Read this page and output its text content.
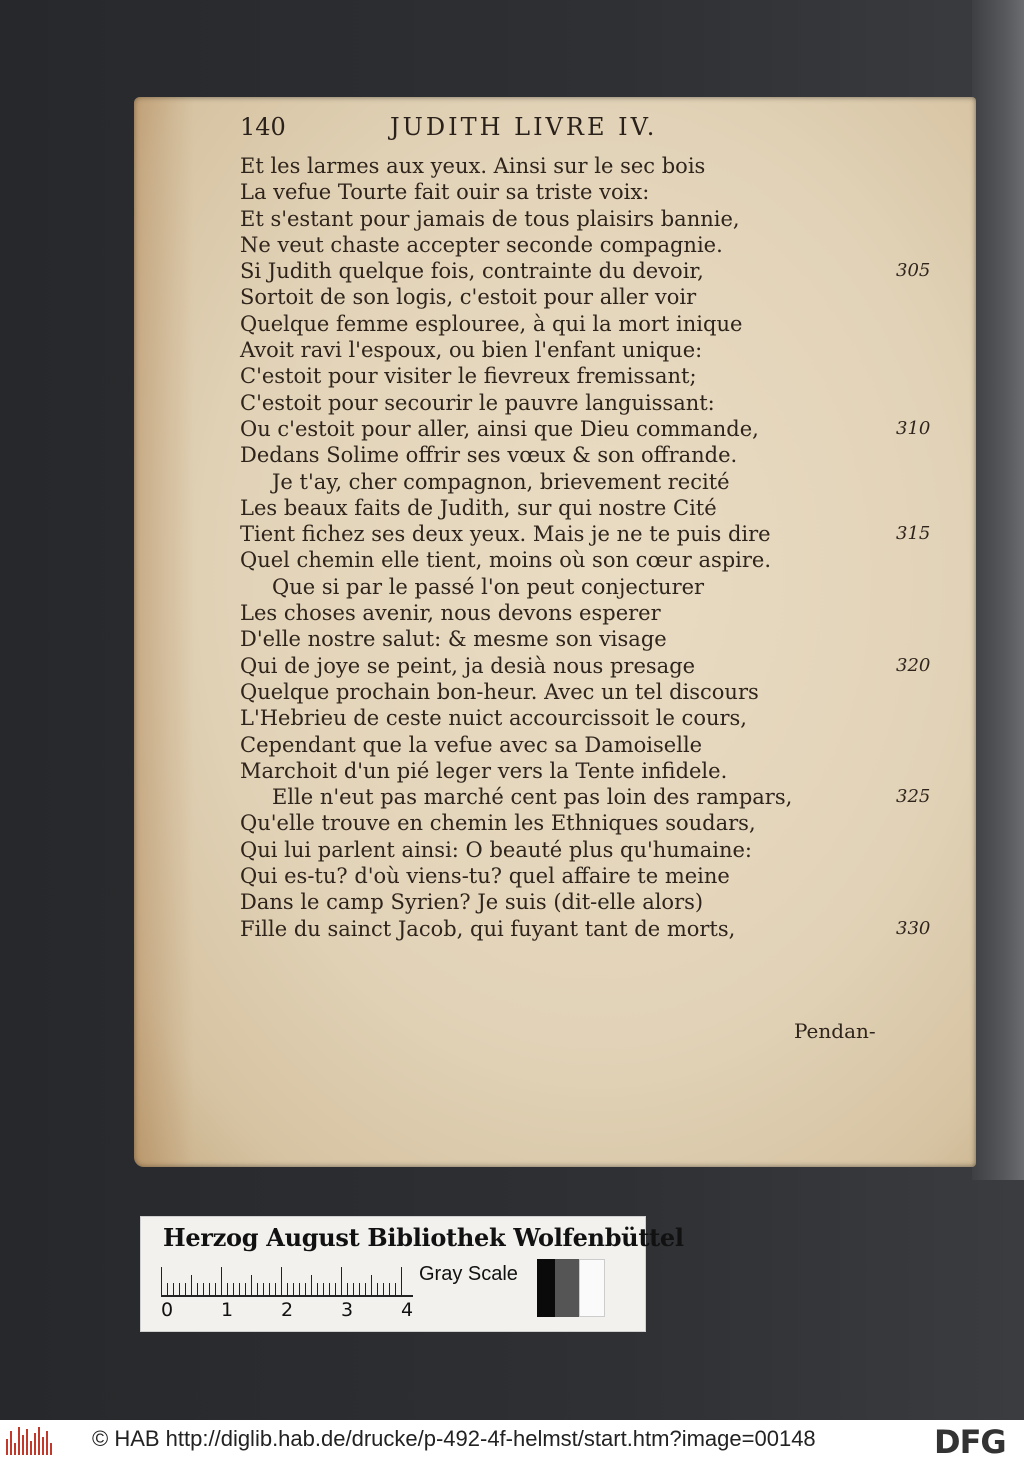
140	JUDITH LIVRE IV.
Et les larmes aux yeux. Ainsi sur le sec bois
La vefue Tourte fait ouir sa triste voix:
Et s'estant pour jamais de tous plaisirs bannie,
Ne veut chaste accepter seconde compagnie.
Si Judith quelque fois, contrainte du devoir,
Sortoit de son logis, c'estoit pour aller voir
Quelque femme esplouree, à qui la mort inique
Avoit ravi l'espoux, ou bien l'enfant unique:
C'estoit pour visiter le fievreux fremissant;
C'estoit pour secourir le pauvre languissant:
Ou c'estoit pour aller, ainsi que Dieu commande,
Dedans Solime offrir ses vœux & son offrande.
Je t'ay, cher compagnon, brievement recité
Les beaux faits de Judith, sur qui nostre Cité
Tient fichez ses deux yeux. Mais je ne te puis dire
Quel chemin elle tient, moins où son cœur aspire.
Que si par le passé l'on peut conjecturer
Les choses avenir, nous devons esperer
D'elle nostre salut: & mesme son visage
Qui de joye se peint, ja desià nous presage
Quelque prochain bon-heur. Avec un tel discours
L'Hebrieu de ceste nuict accourcissoit le cours,
Cependant que la vefue avec sa Damoiselle
Marchoit d'un pié leger vers la Tente infidele.
Elle n'eut pas marché cent pas loin des rampars,
Qu'elle trouve en chemin les Ethniques soudars,
Qui lui parlent ainsi: O beauté plus qu'humaine:
Qui es-tu? d'où viens-tu? quel affaire te meine
Dans le camp Syrien? Je suis (dit-elle alors)
Fille du sainct Jacob, qui fuyant tant de morts,
305
310
315
320
325
330
Pendan-
Herzog August Bibliothek Wolfenbüttel
0	1	2	3	4
Gray Scale
© HAB http://diglib.hab.de/drucke/p-492-4f-helmst/start.htm?image=00148	DFG
